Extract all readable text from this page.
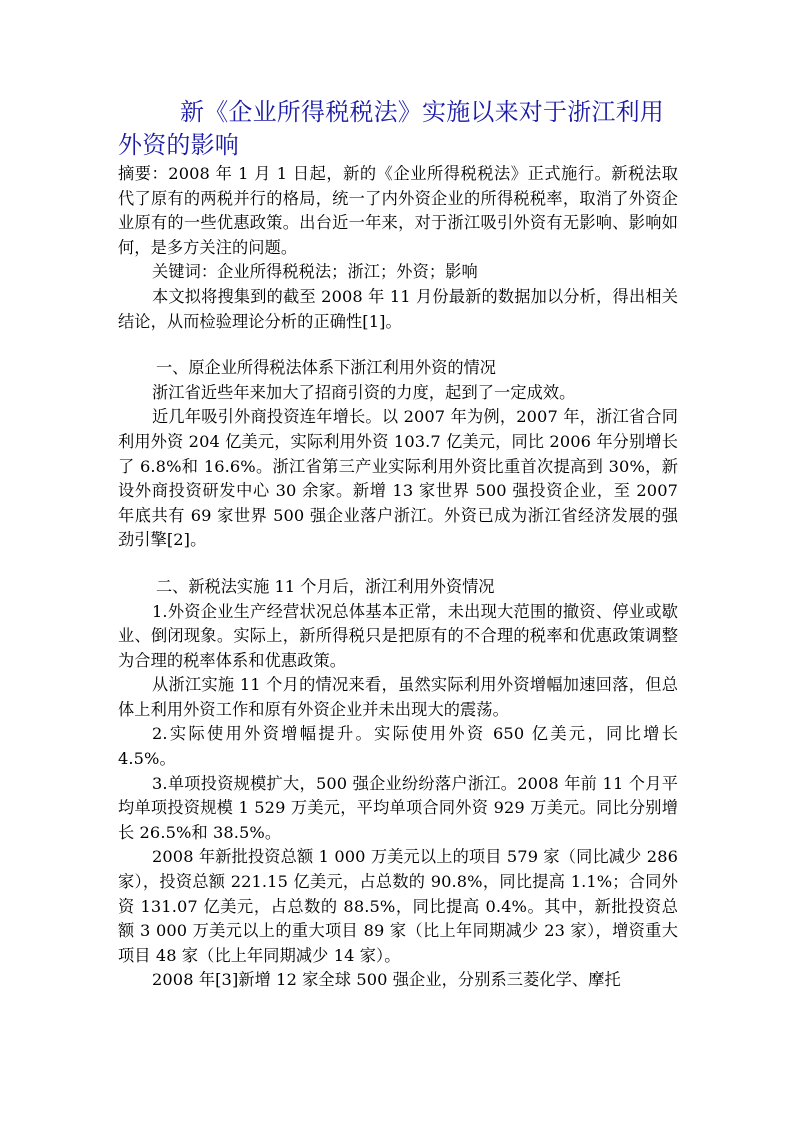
新《企业所得税税法》实施以来对于浙江利用外资的影响

摘要：2008 年 1 月 1 日起，新的《企业所得税税法》正式施行。新税法取代了原有的两税并行的格局，统一了内外资企业的所得税税率，取消了外资企业原有的一些优惠政策。出台近一年来，对于浙江吸引外资有无影响、影响如何，是多方关注的问题。

关键词：企业所得税税法；浙江；外资；影响

本文拟将搜集到的截至 2008 年 11 月份最新的数据加以分析，得出相关结论，从而检验理论分析的正确性[1]。

一、原企业所得税法体系下浙江利用外资的情况

浙江省近些年来加大了招商引资的力度，起到了一定成效。

近几年吸引外商投资连年增长。以 2007 年为例，2007 年，浙江省合同利用外资 204 亿美元，实际利用外资 103.7 亿美元，同比 2006 年分别增长了 6.8%和 16.6%。浙江省第三产业实际利用外资比重首次提高到 30%，新设外商投资研发中心 30 余家。新增 13 家世界 500 强投资企业，至 2007 年底共有 69 家世界 500 强企业落户浙江。外资已成为浙江省经济发展的强劲引擎[2]。

二、新税法实施 11 个月后，浙江利用外资情况

1.外资企业生产经营状况总体基本正常，未出现大范围的撤资、停业或歇业、倒闭现象。实际上，新所得税只是把原有的不合理的税率和优惠政策调整为合理的税率体系和优惠政策。

从浙江实施 11 个月的情况来看，虽然实际利用外资增幅加速回落，但总体上利用外资工作和原有外资企业并未出现大的震荡。

2.实际使用外资增幅提升。实际使用外资 650 亿美元，同比增长 4.5%。

3.单项投资规模扩大，500 强企业纷纷落户浙江。2008 年前 11 个月平均单项投资规模 1 529 万美元，平均单项合同外资 929 万美元。同比分别增长 26.5%和 38.5%。

2008 年新批投资总额 1 000 万美元以上的项目 579 家（同比减少 286 家），投资总额 221.15 亿美元，占总数的 90.8%，同比提高 1.1%；合同外资 131.07 亿美元，占总数的 88.5%，同比提高 0.4%。其中，新批投资总额 3 000 万美元以上的重大项目 89 家（比上年同期减少 23 家），增资重大项目 48 家（比上年同期减少 14 家）。

2008 年[3]新增 12 家全球 500 强企业，分别系三菱化学、摩托
